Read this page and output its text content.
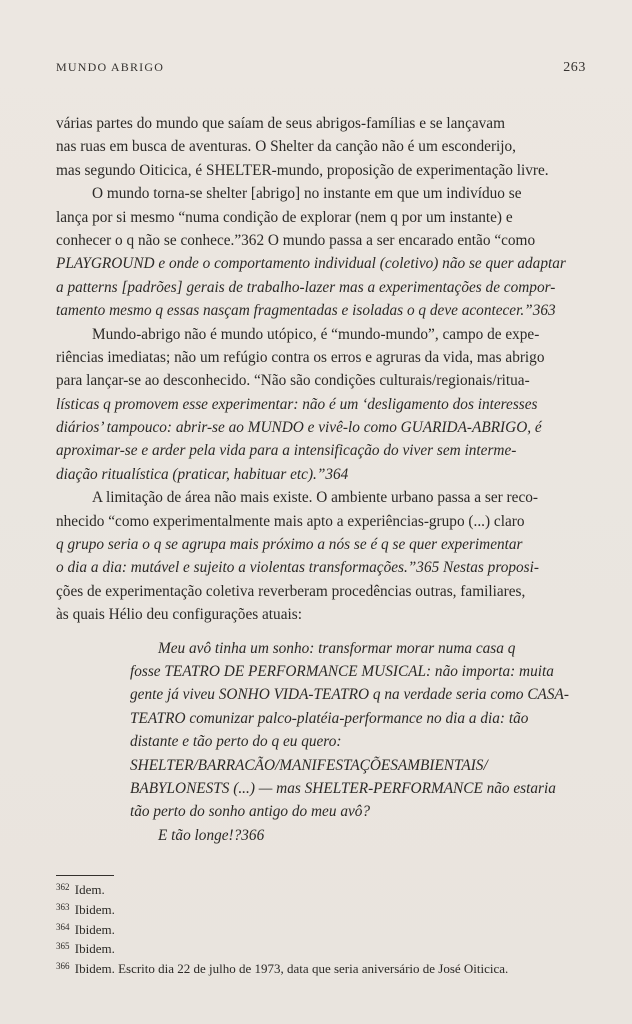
MUNDO ABRIGO	263
várias partes do mundo que saíam de seus abrigos-famílias e se lançavam
nas ruas em busca de aventuras. O Shelter da canção não é um esconderijo,
mas segundo Oiticica, é SHELTER-mundo, proposição de experimentação livre.
O mundo torna-se shelter [abrigo] no instante em que um indivíduo se
lança por si mesmo “numa condição de explorar (nem q por um instante) e
conhecer o q não se conhece.”362 O mundo passa a ser encarado então “como
PLAYGROUND e onde o comportamento individual (coletivo) não se quer adaptar
a patterns [padrões] gerais de trabalho-lazer mas a experimentações de compor-
tamento mesmo q essas nasçam fragmentadas e isoladas o q deve acontecer.”363
Mundo-abrigo não é mundo utópico, é “mundo-mundo”, campo de expe-
riências imediatas; não um refúgio contra os erros e agruras da vida, mas abrigo
para lançar-se ao desconhecido. “Não são condições culturais/regionais/ritua-
lísticas q promovem esse experimentar: não é um ‘desligamento dos interesses
diários’ tampouco: abrir-se ao MUNDO e vivê-lo como GUARIDA-ABRIGO, é
aproximar-se e arder pela vida para a intensificação do viver sem interme-
diação ritualística (praticar, habituar etc).”364
A limitação de área não mais existe. O ambiente urbano passa a ser reco-
nhecido “como experimentalmente mais apto a experiências-grupo (...) claro
q grupo seria o q se agrupa mais próximo a nós se é q se quer experimentar
o dia a dia: mutável e sujeito a violentas transformações.”365 Nestas proposi-
ções de experimentação coletiva reverberam procedências outras, familiares,
às quais Hélio deu configurações atuais:
Meu avô tinha um sonho: transformar morar numa casa q
fosse TEATRO DE PERFORMANCE MUSICAL: não importa: muita
gente já viveu SONHO VIDA-TEATRO q na verdade seria como CASA-
TEATRO comunizar palco-platéia-performance no dia a dia: tão
distante e tão perto do q eu quero:
SHELTER/BARRACÃO/MANIFESTAÇÕESAMBIENTAIS/
BABYLONESTS (...) — mas SHELTER-PERFORMANCE não estaria
tão perto do sonho antigo do meu avô?
E tão longe!?366
$^{362}$ Idem.
$^{363}$ Ibidem.
$^{364}$ Ibidem.
$^{365}$ Ibidem.
$^{366}$ Ibidem. Escrito dia 22 de julho de 1973, data que seria aniversário de José Oiticica.
